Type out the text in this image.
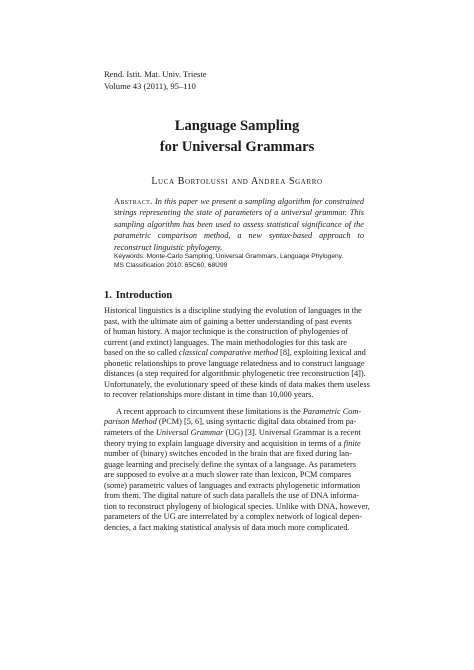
Rend. Istit. Mat. Univ. Trieste
Volume 43 (2011), 95–110
Language Sampling
for Universal Grammars
Luca Bortolussi and Andrea Sgarro
Abstract. In this paper we present a sampling algorithm for constrained strings representing the state of parameters of a universal grammar. This sampling algorithm has been used to assess statistical significance of the parametric comparison method, a new syntax-based approach to reconstruct linguistic phylogeny.
Keywords: Monte-Carlo Sampling, Universal Grammars, Language Phylogeny.
MS Classification 2010: 65C60, 68U99
1. Introduction
Historical linguistics is a discipline studying the evolution of languages in the
past, with the ultimate aim of gaining a better understanding of past events
of human history. A major technique is the construction of phylogenies of
current (and extinct) languages. The main methodologies for this task are
based on the so called classical comparative method [8], exploiting lexical and
phonetic relationships to prove language relatedness and to construct language
distances (a step required for algorithmic phylogenetic tree reconstruction [4]).
Unfortunately, the evolutionary speed of these kinds of data makes them useless
to recover relationships more distant in time than 10,000 years.
A recent approach to circumvent these limitations is the Parametric Com-
parison Method (PCM) [5, 6], using syntactic digital data obtained from pa-
rameters of the Universal Grammar (UG) [3]. Universal Grammar is a recent
theory trying to explain language diversity and acquisition in terms of a finite
number of (binary) switches encoded in the brain that are fixed during lan-
guage learning and precisely define the syntax of a language. As parameters
are supposed to evolve at a much slower rate than lexicon, PCM compares
(some) parametric values of languages and extracts phylogenetic information
from them. The digital nature of such data parallels the use of DNA informa-
tion to reconstruct phylogeny of biological species. Unlike with DNA, however,
parameters of the UG are interrelated by a complex network of logical depen-
dencies, a fact making statistical analysis of data much more complicated.
